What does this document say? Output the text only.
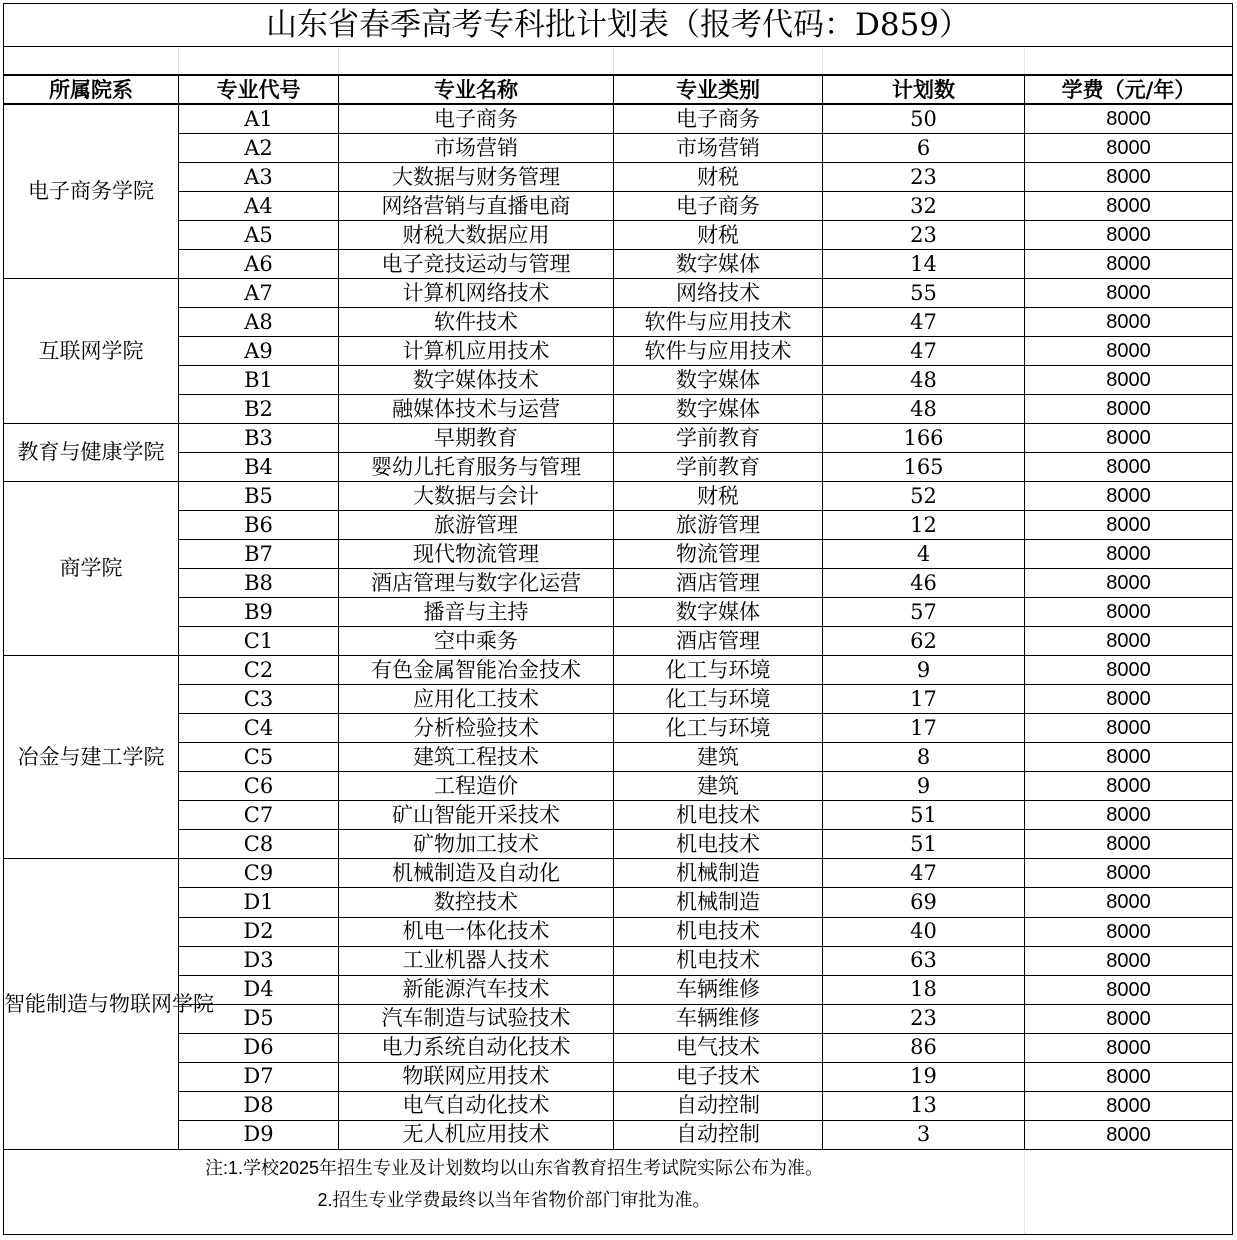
山东省春季高考专科批计划表（报考代码：D859）					

所属院系	专业代号	专业名称	专业类别	计划数	学费（元/年）
电子商务学院	A1	电子商务	电子商务	50	8000
	A2	市场营销	市场营销	6	8000
	A3	大数据与财务管理	财税	23	8000
	A4	网络营销与直播电商	电子商务	32	8000
	A5	财税大数据应用	财税	23	8000
	A6	电子竞技运动与管理	数字媒体	14	8000
互联网学院	A7	计算机网络技术	网络技术	55	8000
	A8	软件技术	软件与应用技术	47	8000
	A9	计算机应用技术	软件与应用技术	47	8000
	B1	数字媒体技术	数字媒体	48	8000
	B2	融媒体技术与运营	数字媒体	48	8000
教育与健康学院	B3	早期教育	学前教育	166	8000
	B4	婴幼儿托育服务与管理	学前教育	165	8000
商学院	B5	大数据与会计	财税	52	8000
	B6	旅游管理	旅游管理	12	8000
	B7	现代物流管理	物流管理	4	8000
	B8	酒店管理与数字化运营	酒店管理	46	8000
	B9	播音与主持	数字媒体	57	8000
	C1	空中乘务	酒店管理	62	8000
冶金与建工学院	C2	有色金属智能冶金技术	化工与环境	9	8000
	C3	应用化工技术	化工与环境	17	8000
	C4	分析检验技术	化工与环境	17	8000
	C5	建筑工程技术	建筑	8	8000
	C6	工程造价	建筑	9	8000
	C7	矿山智能开采技术	机电技术	51	8000
	C8	矿物加工技术	机电技术	51	8000
智能制造与物联网学院	C9	机械制造及自动化	机械制造	47	8000
	D1	数控技术	机械制造	69	8000
	D2	机电一体化技术	机电技术	40	8000
	D3	工业机器人技术	机电技术	63	8000
	D4	新能源汽车技术	车辆维修	18	8000
	D5	汽车制造与试验技术	车辆维修	23	8000
	D6	电力系统自动化技术	电气技术	86	8000
	D7	物联网应用技术	电子技术	19	8000
	D8	电气自动化技术	自动控制	13	8000
	D9	无人机应用技术	自动控制	3	8000
注:1.学校2025年招生专业及计划数均以山东省教育招生考试院实际公布为准。					
2.招生专业学费最终以当年省物价部门审批为准。					
